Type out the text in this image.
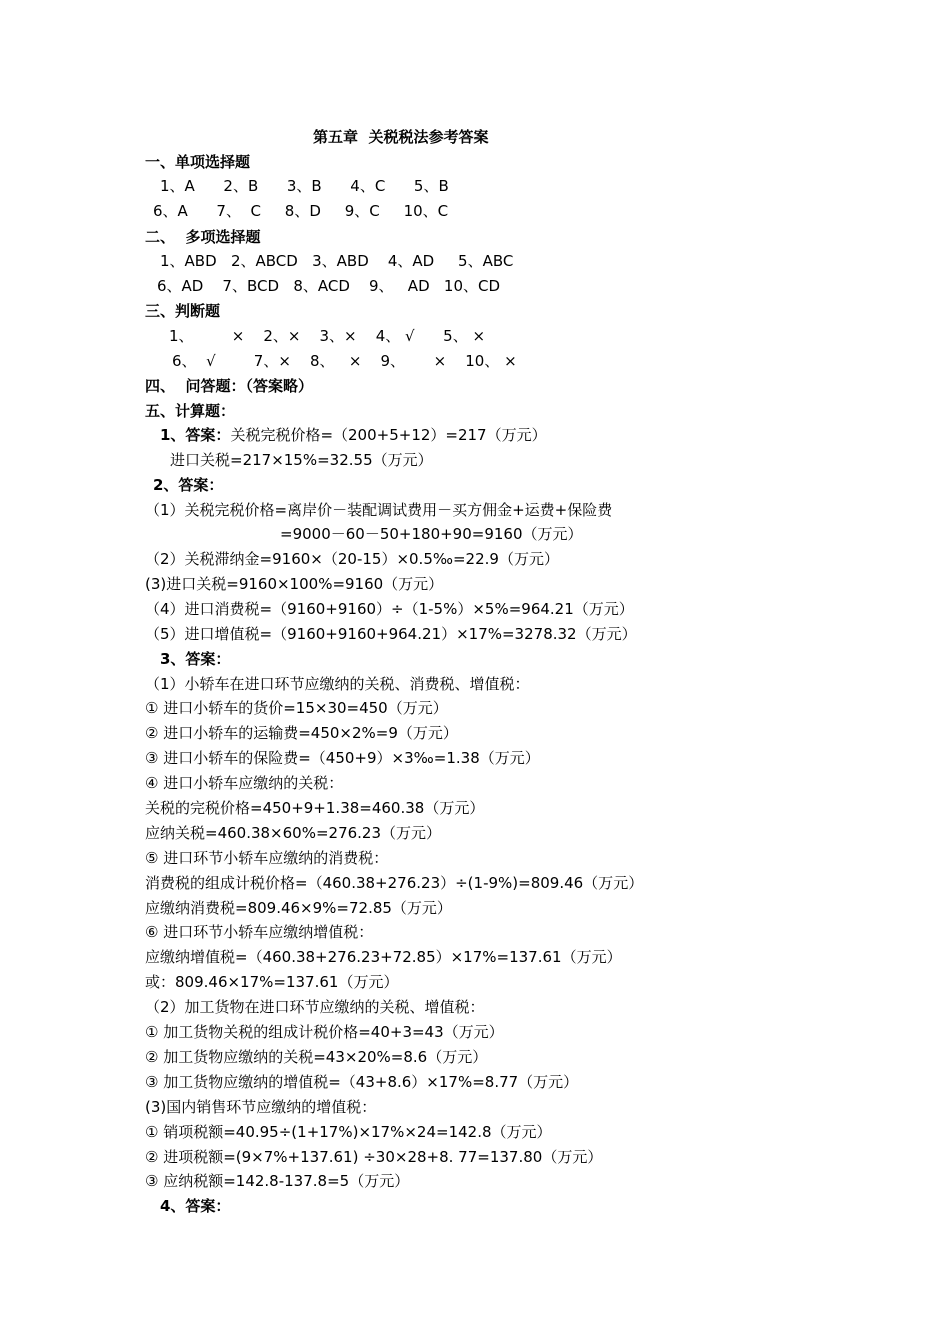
第五章  关税税法参考答案
一、单项选择题
1、A      2、B      3、B      4、C      5、B
6、A      7、  C     8、D     9、C     10、C
二、  多项选择题
1、ABD   2、ABCD   3、ABD    4、AD     5、ABC
6、AD    7、BCD   8、ACD    9、   AD   10、CD
三、判断题
1、        ×    2、×    3、×    4、 √      5、 ×
6、  √        7、×    8、   ×    9、      ×    10、 ×
四、  问答题：（答案略）
五、计算题：
1、答案：关税完税价格=（200+5+12）=217（万元）
进口关税=217×15%=32.55（万元）
2、答案：
（1）关税完税价格=离岸价－装配调试费用－买方佣金+运费+保险费
=9000－60－50+180+90=9160（万元）
（2）关税滞纳金=9160×（20-15）×0.5‰=22.9（万元）
(3)进口关税=9160×100%=9160（万元）
（4）进口消费税=（9160+9160）÷（1-5%）×5%=964.21（万元）
（5）进口增值税=（9160+9160+964.21）×17%=3278.32（万元）
3、答案：
（1）小轿车在进口环节应缴纳的关税、消费税、增值税：
① 进口小轿车的货价=15×30=450（万元）
② 进口小轿车的运输费=450×2%=9（万元）
③ 进口小轿车的保险费=（450+9）×3‰=1.38（万元）
④ 进口小轿车应缴纳的关税：
关税的完税价格=450+9+1.38=460.38（万元）
应纳关税=460.38×60%=276.23（万元）
⑤ 进口环节小轿车应缴纳的消费税：
消费税的组成计税价格=（460.38+276.23）÷(1-9%)=809.46（万元）
应缴纳消费税=809.46×9%=72.85（万元）
⑥ 进口环节小轿车应缴纳增值税：
应缴纳增值税=（460.38+276.23+72.85）×17%=137.61（万元）
或：809.46×17%=137.61（万元）
（2）加工货物在进口环节应缴纳的关税、增值税：
① 加工货物关税的组成计税价格=40+3=43（万元）
② 加工货物应缴纳的关税=43×20%=8.6（万元）
③ 加工货物应缴纳的增值税=（43+8.6）×17%=8.77（万元）
(3)国内销售环节应缴纳的增值税：
① 销项税额=40.95÷(1+17%)×17%×24=142.8（万元）
② 进项税额=(9×7%+137.61) ÷30×28+8. 77=137.80（万元）
③ 应纳税额=142.8-137.8=5（万元）
4、答案：
